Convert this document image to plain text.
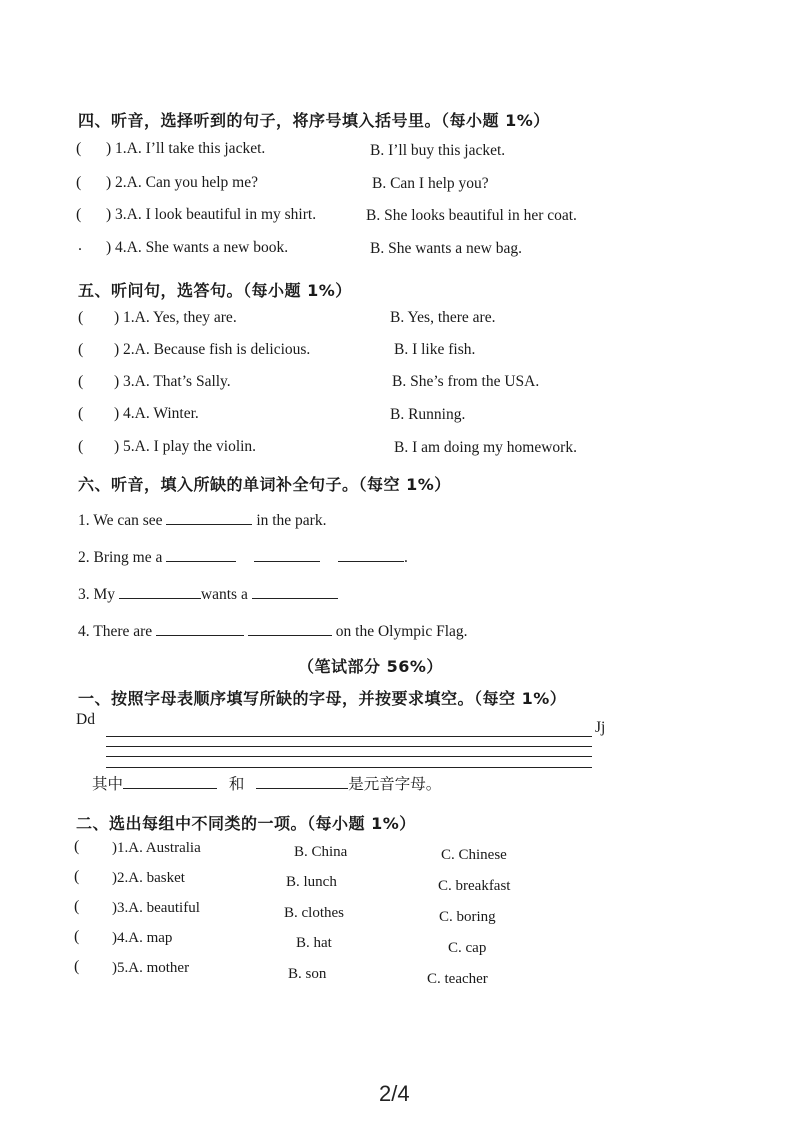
四、听音，选择听到的句子，将序号填入括号里。（每小题 1%）
( ) 1.A. I’ll take this jacket.	B. I’ll buy this jacket.
( ) 2.A. Can you help me?	B. Can I help you?
( ) 3.A. I look beautiful in my shirt.	B. She looks beautiful in her coat.
. ) 4.A. She wants a new book.	B. She wants a new bag.
五、听问句，选答句。（每小题 1%）
( ) 1.A. Yes, they are.	B. Yes, there are.
( ) 2.A. Because fish is delicious.	B. I like fish.
( ) 3.A. That’s Sally.	B. She’s from the USA.
( ) 4.A. Winter.	B. Running.
( ) 5.A. I play the violin.	B. I am doing my homework.
六、听音，填入所缺的单词补全句子。（每空 1%）
1. We can see	in the park.
2. Bring me a	.
3. My	wants a
4. There are	on the Olympic Flag.
（笔试部分 56%）
一、按照字母表顺序填写所缺的字母，并按要求填空。（每空 1%）
Dd	Jj
其中	和	是元音字母。
二、选出每组中不同类的一项。（每小题 1%）
( )1.A. Australia	B. China	C. Chinese
( )2.A. basket	B. lunch	C. breakfast
( )3.A. beautiful	B. clothes	C. boring
( )4.A. map	B. hat	C. cap
( )5.A. mother	B. son	C. teacher
2/4
